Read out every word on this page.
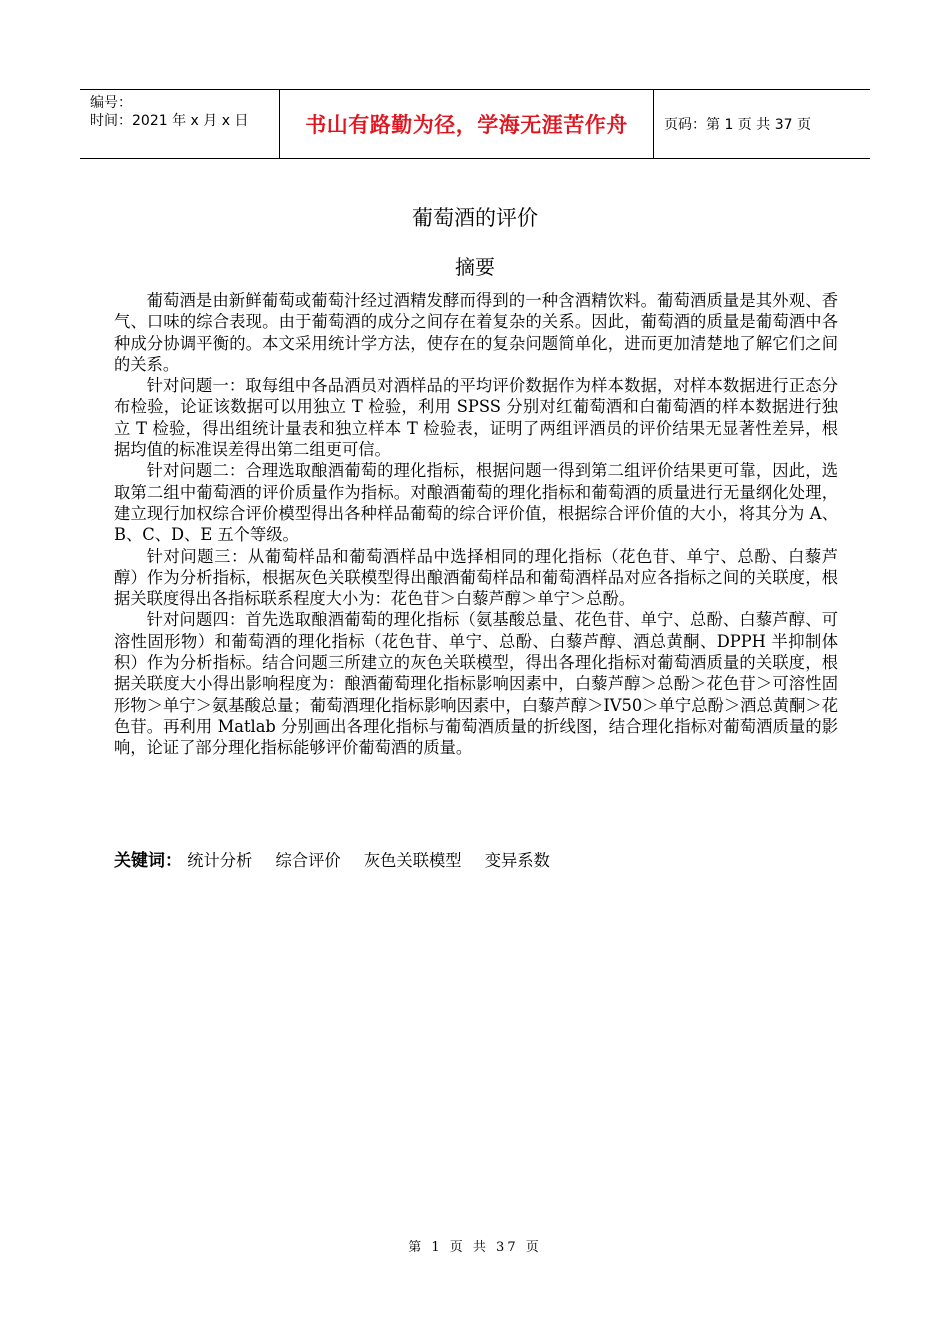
编号：
时间：2021 年 x 月 x 日	书山有路勤为径，学海无涯苦作舟	页码：第 1 页 共 37 页
葡萄酒的评价
摘要

葡萄酒是由新鲜葡萄或葡萄汁经过酒精发酵而得到的一种含酒精饮料。葡萄酒质量是其外观、香气、口味的综合表现。由于葡萄酒的成分之间存在着复杂的关系。因此，葡萄酒的质量是葡萄酒中各种成分协调平衡的。本文采用统计学方法，使存在的复杂问题简单化，进而更加清楚地了解它们之间的关系。

针对问题一：取每组中各品酒员对酒样品的平均评价数据作为样本数据，对样本数据进行正态分布检验，论证该数据可以用独立 T 检验，利用 SPSS 分别对红葡萄酒和白葡萄酒的样本数据进行独立 T 检验，得出组统计量表和独立样本 T 检验表，证明了两组评酒员的评价结果无显著性差异，根据均值的标准误差得出第二组更可信。

针对问题二：合理选取酿酒葡萄的理化指标，根据问题一得到第二组评价结果更可靠，因此，选取第二组中葡萄酒的评价质量作为指标。对酿酒葡萄的理化指标和葡萄酒的质量进行无量纲化处理，建立现行加权综合评价模型得出各种样品葡萄的综合评价值，根据综合评价值的大小，将其分为 A、B、C、D、E 五个等级。

针对问题三：从葡萄样品和葡萄酒样品中选择相同的理化指标（花色苷、单宁、总酚、白藜芦醇）作为分析指标，根据灰色关联模型得出酿酒葡萄样品和葡萄酒样品对应各指标之间的关联度，根据关联度得出各指标联系程度大小为：花色苷＞白藜芦醇＞单宁＞总酚。

针对问题四：首先选取酿酒葡萄的理化指标（氨基酸总量、花色苷、单宁、总酚、白藜芦醇、可溶性固形物）和葡萄酒的理化指标（花色苷、单宁、总酚、白藜芦醇、酒总黄酮、DPPH 半抑制体积）作为分析指标。结合问题三所建立的灰色关联模型，得出各理化指标对葡萄酒质量的关联度，根据关联度大小得出影响程度为：酿酒葡萄理化指标影响因素中，白藜芦醇＞总酚＞花色苷＞可溶性固形物＞单宁＞氨基酸总量；葡萄酒理化指标影响因素中，白藜芦醇＞IV50＞单宁总酚＞酒总黄酮＞花色苷。再利用 Matlab 分别画出各理化指标与葡萄酒质量的折线图，结合理化指标对葡萄酒质量的影响，论证了部分理化指标能够评价葡萄酒的质量。

关键词： 统计分析 综合评价 灰色关联模型 变异系数
第 1 页 共 37 页
